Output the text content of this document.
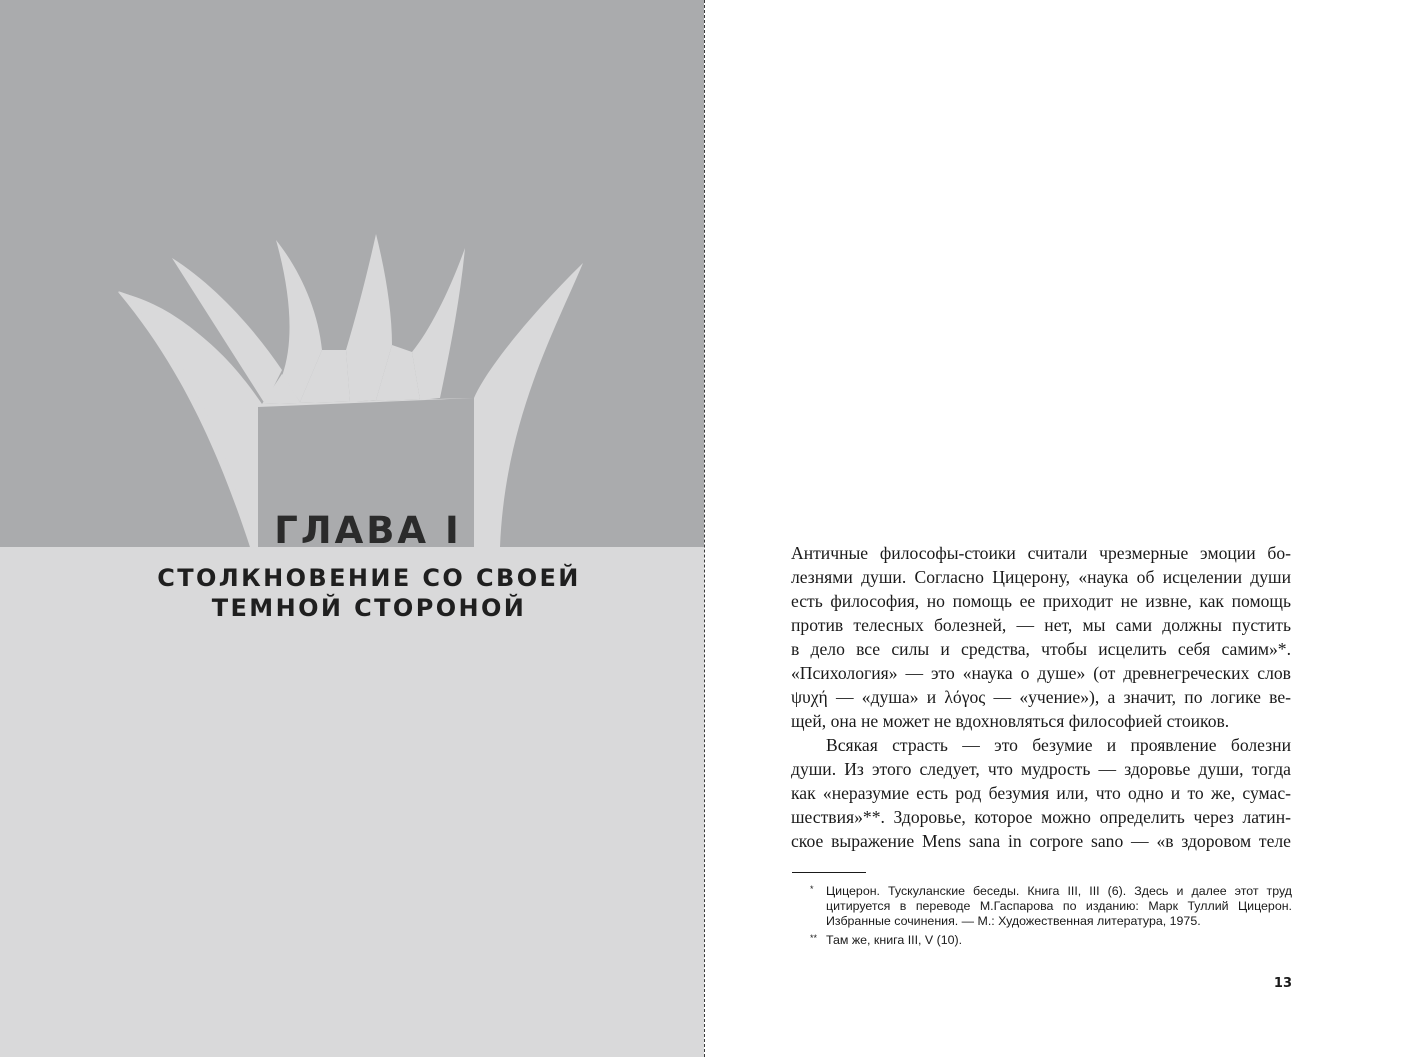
ГЛАВА I
СТОЛКНОВЕНИЕ СО СВОЕЙ
ТЕМНОЙ СТОРОНОЙ
Античные философы-стоики считали чрезмерные эмоции бо-
лезнями души. Согласно Цицерону, «наука об исцелении души
есть философия, но помощь ее приходит не извне, как помощь
против телесных болезней, — нет, мы сами должны пустить
в дело все силы и средства, чтобы исцелить себя самим»*.
«Психология» — это «наука о душе» (от древнегреческих слов
ψυχή — «душа» и λόγος — «учение»), а значит, по логике ве-
щей, она не может не вдохновляться философией стоиков.
Всякая страсть — это безумие и проявление болезни
души. Из этого следует, что мудрость — здоровье души, тогда
как «неразумие есть род безумия или, что одно и то же, сумас-
шествия»**. Здоровье, которое можно определить через латин-
ское выражение Mens sana in corpore sano — «в здоровом теле
* Цицерон. Тускуланские беседы. Книга III, III (6). Здесь и далее этот труд
цитируется в переводе М.Гаспарова по изданию: Марк Туллий Цицерон.
Избранные сочинения. — М.: Художественная литература, 1975.
** Там же, книга III, V (10).
13
